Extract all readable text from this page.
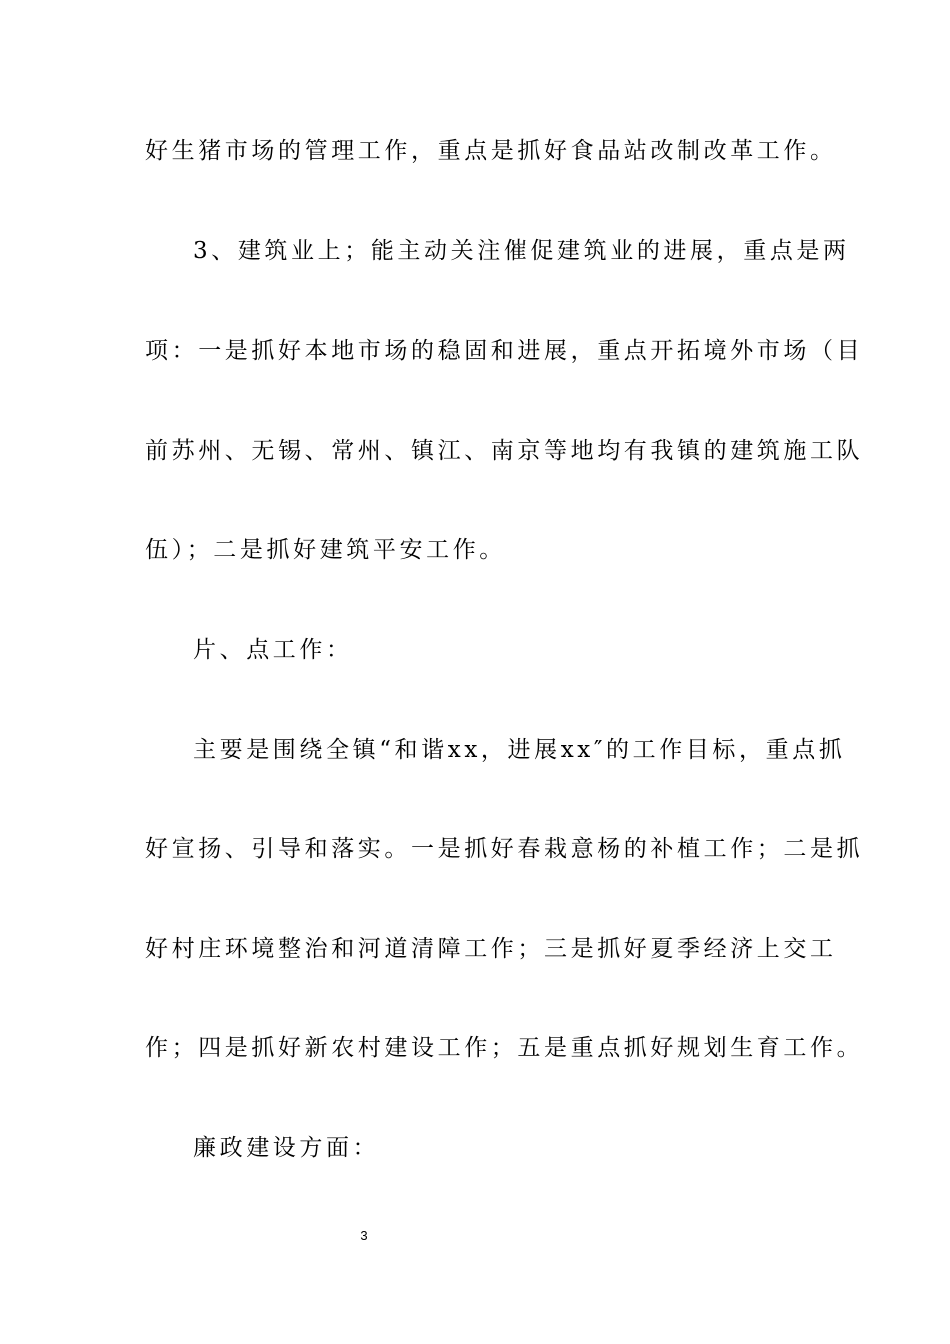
好生猪市场的管理工作，重点是抓好食品站改制改革工作。
3、建筑业上；能主动关注催促建筑业的进展，重点是两
项：一是抓好本地市场的稳固和进展，重点开拓境外市场（目
前苏州、无锡、常州、镇江、南京等地均有我镇的建筑施工队
伍）；二是抓好建筑平安工作。
片、点工作：
主要是围绕全镇“和谐xx，进展xx″的工作目标，重点抓
好宣扬、引导和落实。一是抓好春栽意杨的补植工作；二是抓
好村庄环境整治和河道清障工作；三是抓好夏季经济上交工
作；四是抓好新农村建设工作；五是重点抓好规划生育工作。
廉政建设方面：
3
